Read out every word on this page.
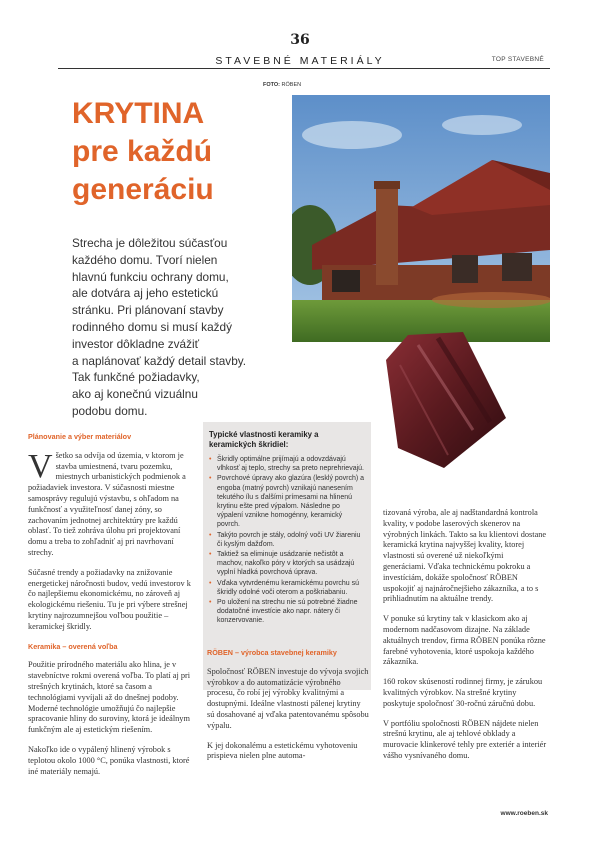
36
STAVEBNÉ MATERIÁLY	TOP STAVEBNÉ
FOTO: RÖBEN
KRYTINA
pre každú
generáciu
Strecha je dôležitou súčasťou
každého domu. Tvorí nielen
hlavnú funkciu ochrany domu,
ale dotvára aj jeho estetickú
stránku. Pri plánovaní stavby
rodinného domu si musí každý
investor dôkladne zvážiť
a naplánovať každý detail stavby.
Tak funkčné požiadavky,
ako aj konečnú vizuálnu
podobu domu.
Plánovanie a výber materiálov

Všetko sa odvíja od územia, v ktorom je stavba umiestnená, tvaru pozemku, miestnych urbanistických podmienok a požiadaviek investora. V súčasnosti miestne samosprávy regulujú výstavbu, s ohľadom na funkčnosť a využiteľnosť danej zóny, so zachovaním jednotnej architektúry pre každú oblasť. To tiež zohráva úlohu pri projektovaní domu a treba to zohľadniť aj pri navrhovaní strechy.

Súčasné trendy a požiadavky na znižovanie energetickej náročnosti budov, vedú investorov k čo najlepšiemu ekonomickému, no zároveň aj ekologickému riešeniu. Tu je pri výbere strešnej krytiny najrozumnejšou voľbou použitie – keramickej škridly.

Keramika – overená voľba

Použitie prírodného materiálu ako hlina, je v stavebníctve rokmi overená voľba. To platí aj pri strešných krytinách, ktoré sa časom a technológiami vyvíjali až do dnešnej podoby. Moderné technológie umožňujú čo najlepšie spracovanie hliny do suroviny, ktorá je ideálnym funkčným ale aj estetickým riešením.

Nakoľko ide o vypálený hlinený výrobok s teplotou okolo 1000 °C, ponúka vlastnosti, ktoré iné materiály nemajú.

Typické vlastnosti keramiky a keramických škridiel:
• Škridly optimálne prijímajú a odovzdávajú vlhkosť aj teplo, strechy sa preto neprehrievajú.
• Povrchové úpravy ako glazúra (lesklý povrch) a engoba (matný povrch) vznikajú nanesením tekutého ílu s ďalšími prímesami na hlinenú krytinu ešte pred výpalom. Následne po výpalení vznikne homogénny, keramický povrch.
• Takýto povrch je stály, odolný voči UV žiareniu či kyslým dažďom.
• Taktiež sa eliminuje usádzanie nečistôt a machov, nakoľko póry v ktorých sa usádzajú vyplní hladká povrchová úprava.
• Vďaka vytvrdenému keramickému povrchu sú škridly odolné voči oterom a poškriabaniu.
• Po uložení na strechu nie sú potrebné žiadne dodatočné investície ako napr. nátery či konzervovanie.
RÖBEN – výrobca stavebnej keramiky

Spoločnosť RÖBEN investuje do vývoja svojich výrobkov a do automatizácie výrobného procesu, čo robí jej výrobky kvalitnými a dostupnými. Ideálne vlastnosti pálenej krytiny sú dosahované aj vďaka patentovanému spôsobu výpalu.

K jej dokonalému a estetickému vyhotoveniu prispieva nielen plne automa-

tizovaná výroba, ale aj nadštandardná kontrola kvality, v podobe laserových skenerov na výrobných linkách. Takto sa ku klientovi dostane keramická krytina najvyššej kvality, ktorej vlastnosti sú overené už niekoľkými generáciami. Vďaka technickému pokroku a investíciám, dokáže spoločnosť RÖBEN uspokojiť aj najnáročnejšieho zákazníka, a to s prihliadnutím na aktuálne trendy.

V ponuke sú krytiny tak v klasickom ako aj modernom nadčasovom dizajne. Na základe aktuálnych trendov, firma RÖBEN ponúka rôzne farebné vyhotovenia, ktoré uspokoja každého zákazníka.

160 rokov skúseností rodinnej firmy, je zárukou kvalitných výrobkov. Na strešné krytiny poskytuje spoločnosť 30-ročnú záručnú dobu.

V portfóliu spoločnosti RÖBEN nájdete nielen strešnú krytinu, ale aj tehlové obklady a murovacie klinkerové tehly pre exteriér a interiér vášho vysnívaného domu.

www.roeben.sk
